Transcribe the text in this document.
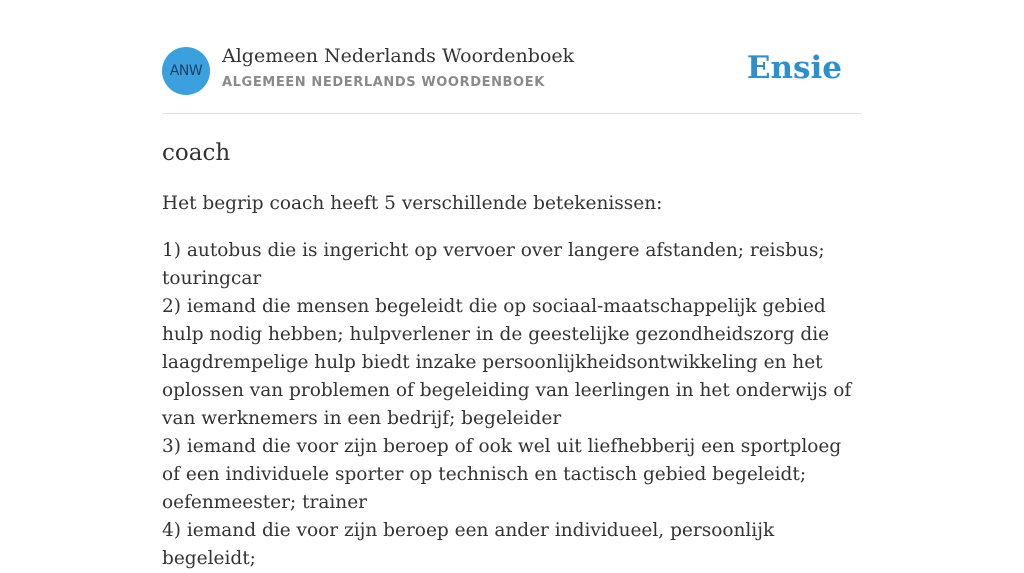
ANW
Algemeen Nederlands Woordenboek
ALGEMEEN NEDERLANDS WOORDENBOEK	Ensie
coach

Het begrip coach heeft 5 verschillende betekenissen:

1) autobus die is ingericht op vervoer over langere afstanden; reisbus; touringcar
2) iemand die mensen begeleidt die op sociaal-maatschappelijk gebied hulp nodig hebben; hulpverlener in de geestelijke gezondheidszorg die laagdrempelige hulp biedt inzake persoonlijkheidsontwikkeling en het oplossen van problemen of begeleiding van leerlingen in het onderwijs of van werknemers in een bedrijf; begeleider
3) iemand die voor zijn beroep of ook wel uit liefhebberij een sportploeg of een individuele sporter op technisch en tactisch gebied begeleidt; oefenmeester; trainer
4) iemand die voor zijn beroep een ander individueel, persoonlijk begeleidt;
